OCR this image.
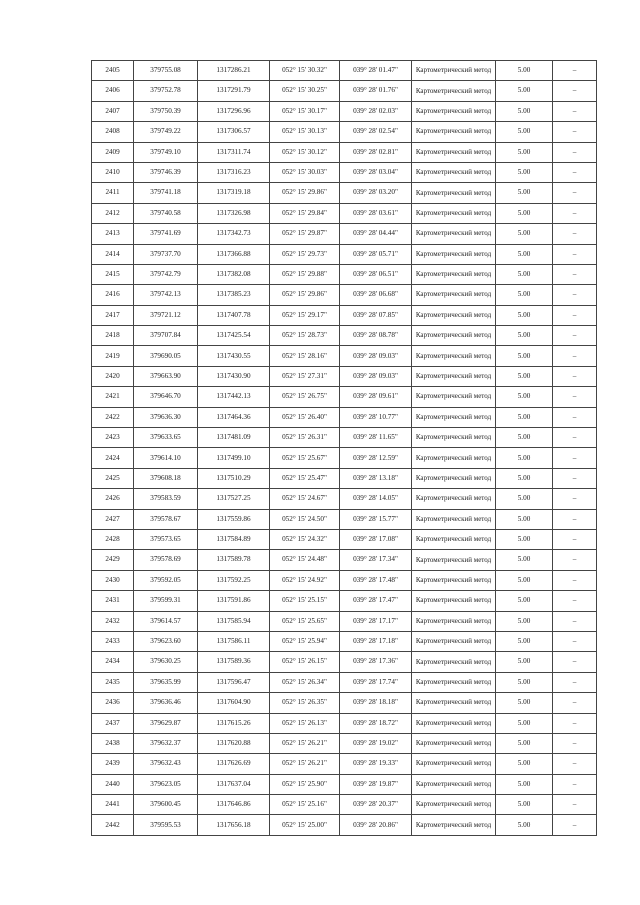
2405	379755.08	1317286.21	052° 15' 30.32"	039° 28' 01.47"	Картометрический метод	5.00	–
2406	379752.78	1317291.79	052° 15' 30.25"	039° 28' 01.76"	Картометрический метод	5.00	–
2407	379750.39	1317296.96	052° 15' 30.17"	039° 28' 02.03"	Картометрический метод	5.00	–
2408	379749.22	1317306.57	052° 15' 30.13"	039° 28' 02.54"	Картометрический метод	5.00	–
2409	379749.10	1317311.74	052° 15' 30.12"	039° 28' 02.81"	Картометрический метод	5.00	–
2410	379746.39	1317316.23	052° 15' 30.03"	039° 28' 03.04"	Картометрический метод	5.00	–
2411	379741.18	1317319.18	052° 15' 29.86"	039° 28' 03.20"	Картометрический метод	5.00	–
2412	379740.58	1317326.98	052° 15' 29.84"	039° 28' 03.61"	Картометрический метод	5.00	–
2413	379741.69	1317342.73	052° 15' 29.87"	039° 28' 04.44"	Картометрический метод	5.00	–
2414	379737.70	1317366.88	052° 15' 29.73"	039° 28' 05.71"	Картометрический метод	5.00	–
2415	379742.79	1317382.08	052° 15' 29.88"	039° 28' 06.51"	Картометрический метод	5.00	–
2416	379742.13	1317385.23	052° 15' 29.86"	039° 28' 06.68"	Картометрический метод	5.00	–
2417	379721.12	1317407.78	052° 15' 29.17"	039° 28' 07.85"	Картометрический метод	5.00	–
2418	379707.84	1317425.54	052° 15' 28.73"	039° 28' 08.78"	Картометрический метод	5.00	–
2419	379690.05	1317430.55	052° 15' 28.16"	039° 28' 09.03"	Картометрический метод	5.00	–
2420	379663.90	1317430.90	052° 15' 27.31"	039° 28' 09.03"	Картометрический метод	5.00	–
2421	379646.70	1317442.13	052° 15' 26.75"	039° 28' 09.61"	Картометрический метод	5.00	–
2422	379636.30	1317464.36	052° 15' 26.40"	039° 28' 10.77"	Картометрический метод	5.00	–
2423	379633.65	1317481.09	052° 15' 26.31"	039° 28' 11.65"	Картометрический метод	5.00	–
2424	379614.10	1317499.10	052° 15' 25.67"	039° 28' 12.59"	Картометрический метод	5.00	–
2425	379608.18	1317510.29	052° 15' 25.47"	039° 28' 13.18"	Картометрический метод	5.00	–
2426	379583.59	1317527.25	052° 15' 24.67"	039° 28' 14.05"	Картометрический метод	5.00	–
2427	379578.67	1317559.86	052° 15' 24.50"	039° 28' 15.77"	Картометрический метод	5.00	–
2428	379573.65	1317584.89	052° 15' 24.32"	039° 28' 17.08"	Картометрический метод	5.00	–
2429	379578.69	1317589.78	052° 15' 24.48"	039° 28' 17.34"	Картометрический метод	5.00	–
2430	379592.05	1317592.25	052° 15' 24.92"	039° 28' 17.48"	Картометрический метод	5.00	–
2431	379599.31	1317591.86	052° 15' 25.15"	039° 28' 17.47"	Картометрический метод	5.00	–
2432	379614.57	1317585.94	052° 15' 25.65"	039° 28' 17.17"	Картометрический метод	5.00	–
2433	379623.60	1317586.11	052° 15' 25.94"	039° 28' 17.18"	Картометрический метод	5.00	–
2434	379630.25	1317589.36	052° 15' 26.15"	039° 28' 17.36"	Картометрический метод	5.00	–
2435	379635.99	1317596.47	052° 15' 26.34"	039° 28' 17.74"	Картометрический метод	5.00	–
2436	379636.46	1317604.90	052° 15' 26.35"	039° 28' 18.18"	Картометрический метод	5.00	–
2437	379629.87	1317615.26	052° 15' 26.13"	039° 28' 18.72"	Картометрический метод	5.00	–
2438	379632.37	1317620.88	052° 15' 26.21"	039° 28' 19.02"	Картометрический метод	5.00	–
2439	379632.43	1317626.69	052° 15' 26.21"	039° 28' 19.33"	Картометрический метод	5.00	–
2440	379623.05	1317637.04	052° 15' 25.90"	039° 28' 19.87"	Картометрический метод	5.00	–
2441	379600.45	1317646.86	052° 15' 25.16"	039° 28' 20.37"	Картометрический метод	5.00	–
2442	379595.53	1317656.18	052° 15' 25.00"	039° 28' 20.86"	Картометрический метод	5.00	–
